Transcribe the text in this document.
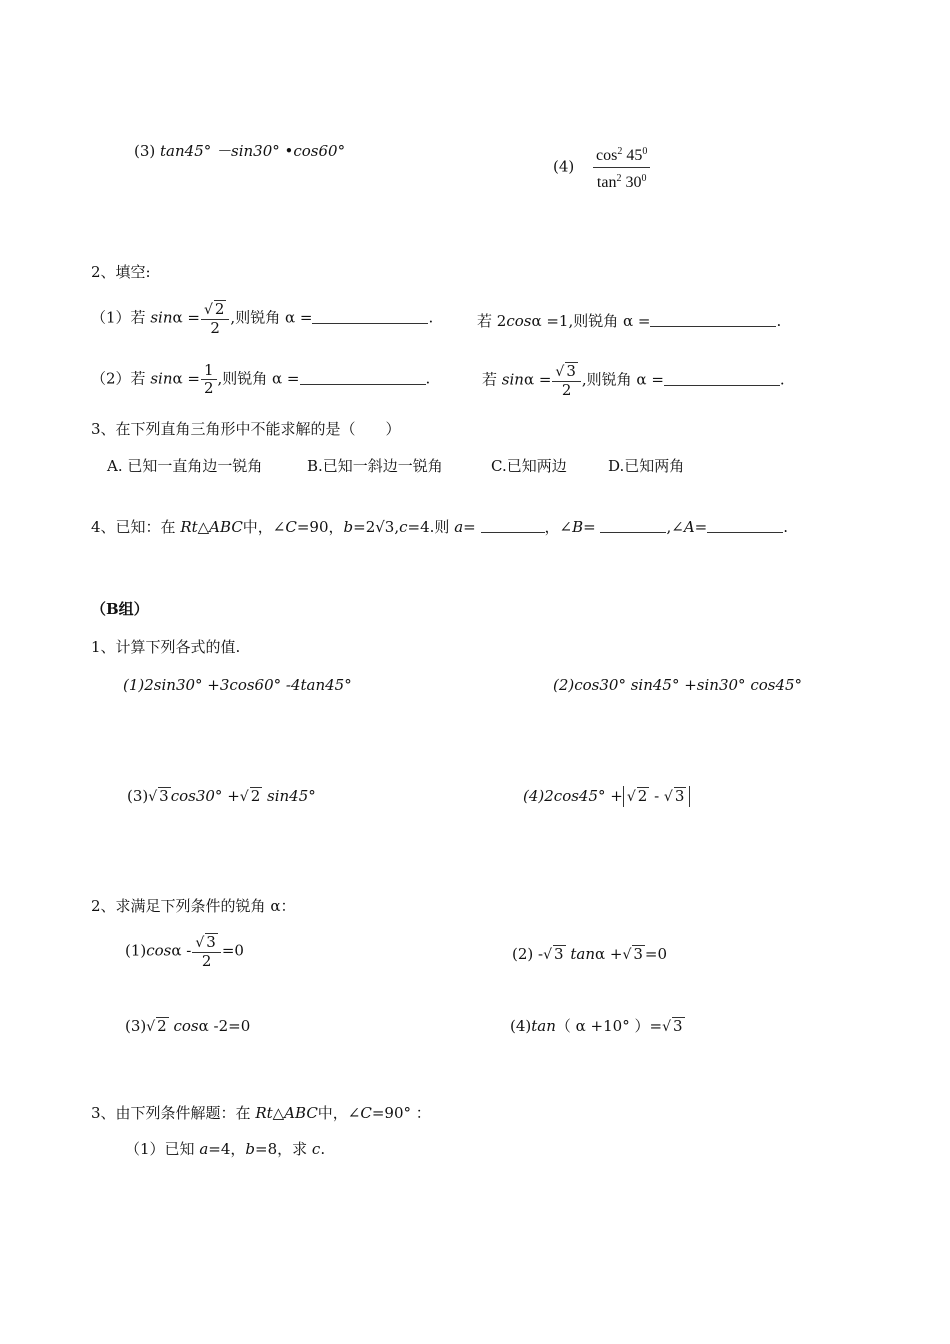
(3) tan45° －sin30° •cos60°
$(4) \frac{\cos^2 45^0}{\tan^2 30^0}$
2、填空:
（1）若 $\sin\alpha = \frac{√ 2}{2}$ ,则锐角 α =	.	若 2cosα =1,则锐角 α =	.
（2）若 $\sin\alpha = \frac{1}{2}$ ,则锐角 α =	.	若 $\sin\alpha = \frac{√ 3}{2}$ ,则锐角 α =	.
3、在下列直角三角形中不能求解的是（　　）
A. 已知一直角边一锐角	B.已知一斜边一锐角	C.已知两边	D.已知两角
4、已知：在 Rt△ABC中，∠C=90，b=2√3,c=4.则 a=	，∠B=	,∠A=	.
（B组）
1、计算下列各式的值.
(1)2sin30° +3cos60° -4tan45°	(2)cos30° sin45° +sin30° cos45°
(3)√ 3 cos30° +√ 2 sin45°	(4)2cos45° + √ 2 - √ 3
2、求满足下列条件的锐角 α：
$(1)\cos\alpha - \frac{√ 3}{2} =0$	(2) -√ 3 tanα +√ 3 =0
(3)√ 2 cosα -2=0	(4)tan（ α +10° ）=√ 3
3、由下列条件解题：在 Rt△ABC中，∠C=90° ：
（1）已知 a=4，b=8，求 c.
